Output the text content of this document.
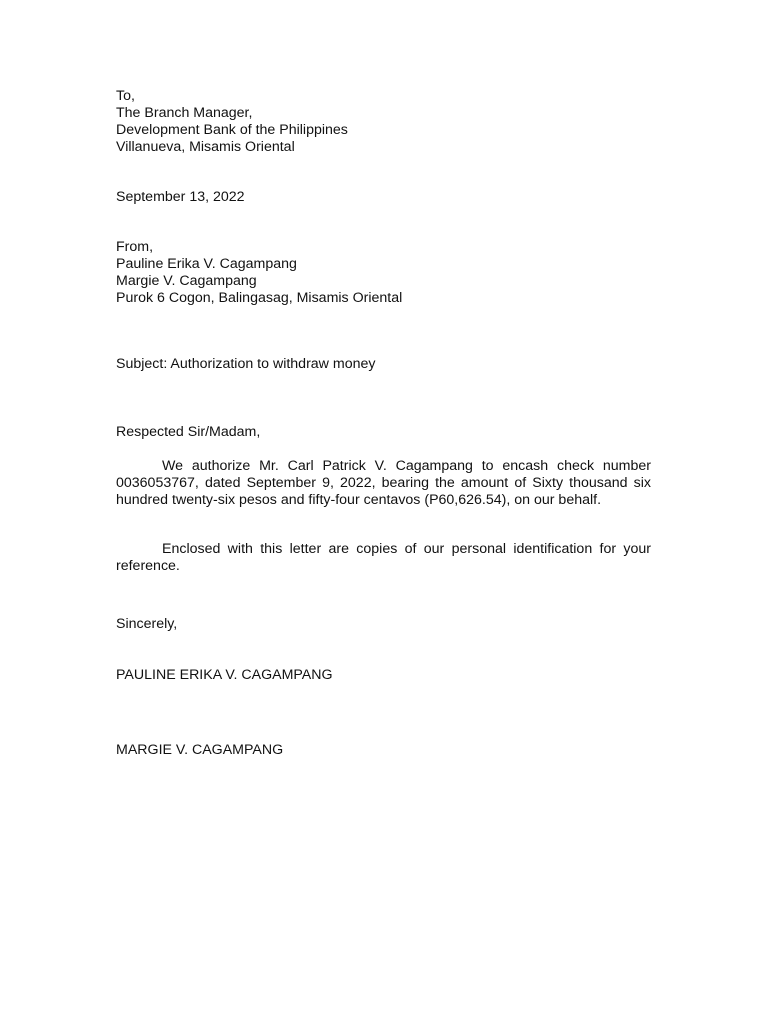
To,
The Branch Manager,
Development Bank of the Philippines
Villanueva, Misamis Oriental
September 13, 2022
From,
Pauline Erika V. Cagampang
Margie V. Cagampang
Purok 6 Cogon, Balingasag, Misamis Oriental
Subject: Authorization to withdraw money
Respected Sir/Madam,
We authorize Mr. Carl Patrick V. Cagampang to encash check number 0036053767, dated September 9, 2022, bearing the amount of Sixty thousand six hundred twenty-six pesos and fifty-four centavos (P60,626.54), on our behalf.
Enclosed with this letter are copies of our personal identification for your reference.
Sincerely,
PAULINE ERIKA V. CAGAMPANG
MARGIE V. CAGAMPANG
